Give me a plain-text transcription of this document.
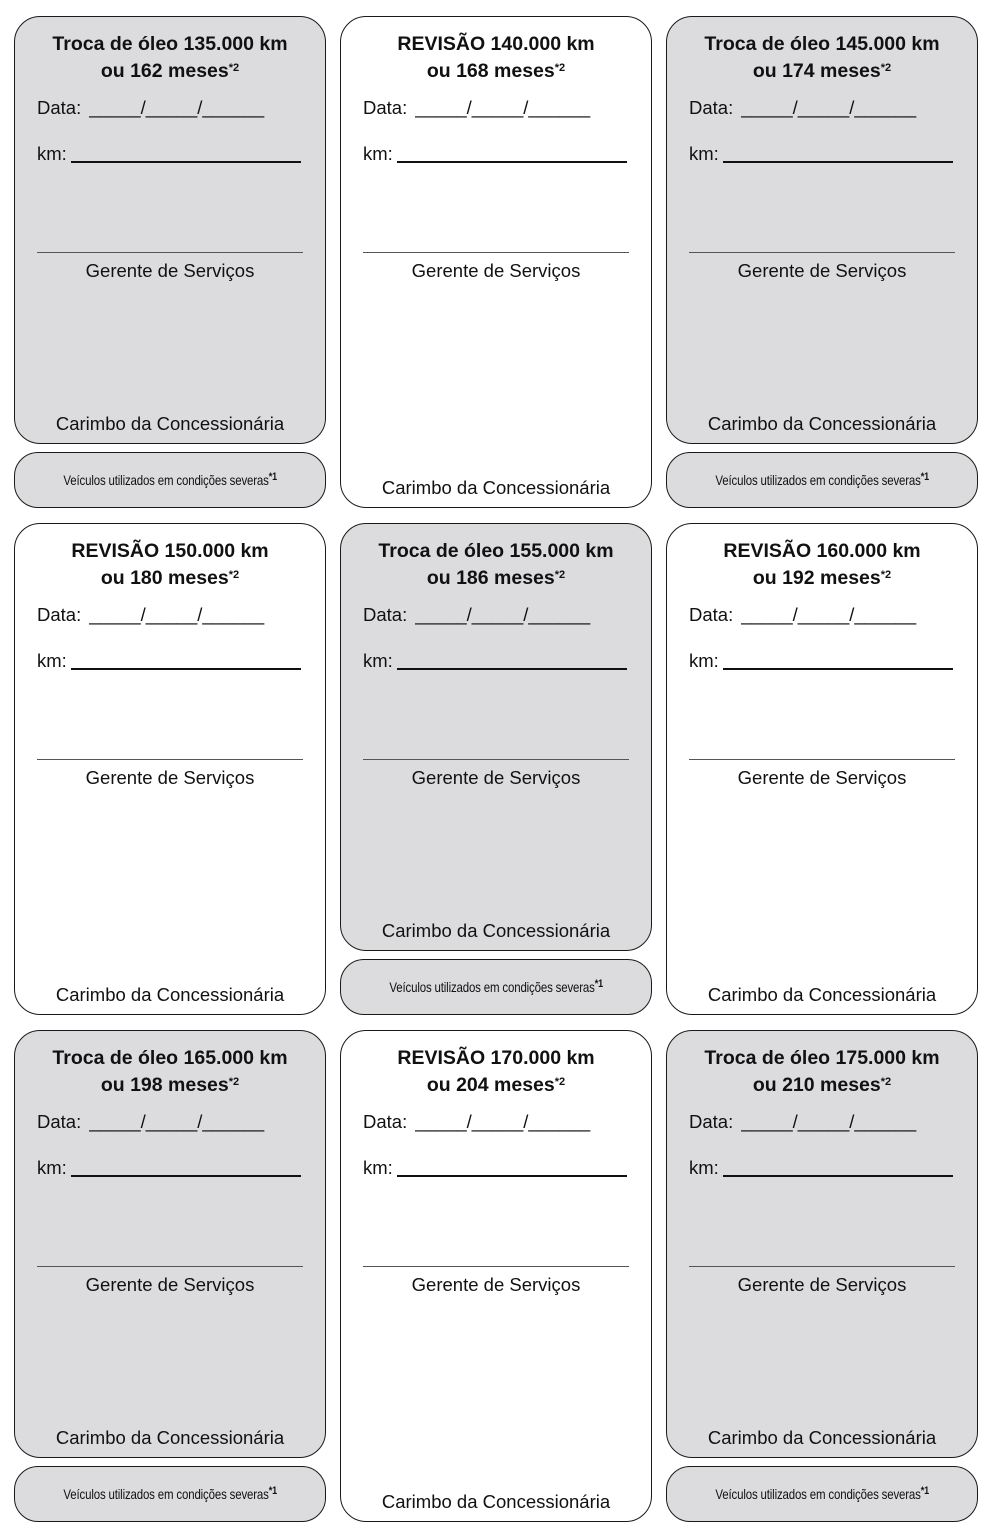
Troca de óleo 135.000 km
ou 162 meses$^{*2}$
Data: _____/_____/______
km:
Gerente de Serviços
Carimbo da Concessionária
Veículos utilizados em condições severas$^{*1}$
REVISÃO 140.000 km
ou 168 meses$^{*2}$
Data: _____/_____/______
km:
Gerente de Serviços
Carimbo da Concessionária
Troca de óleo 145.000 km
ou 174 meses$^{*2}$
Data: _____/_____/______
km:
Gerente de Serviços
Carimbo da Concessionária
Veículos utilizados em condições severas$^{*1}$
REVISÃO 150.000 km
ou 180 meses$^{*2}$
Data: _____/_____/______
km:
Gerente de Serviços
Carimbo da Concessionária
Troca de óleo 155.000 km
ou 186 meses$^{*2}$
Data: _____/_____/______
km:
Gerente de Serviços
Carimbo da Concessionária
Veículos utilizados em condições severas$^{*1}$
REVISÃO 160.000 km
ou 192 meses$^{*2}$
Data: _____/_____/______
km:
Gerente de Serviços
Carimbo da Concessionária
Troca de óleo 165.000 km
ou 198 meses$^{*2}$
Data: _____/_____/______
km:
Gerente de Serviços
Carimbo da Concessionária
Veículos utilizados em condições severas$^{*1}$
REVISÃO 170.000 km
ou 204 meses$^{*2}$
Data: _____/_____/______
km:
Gerente de Serviços
Carimbo da Concessionária
Troca de óleo 175.000 km
ou 210 meses$^{*2}$
Data: _____/_____/______
km:
Gerente de Serviços
Carimbo da Concessionária
Veículos utilizados em condições severas$^{*1}$
